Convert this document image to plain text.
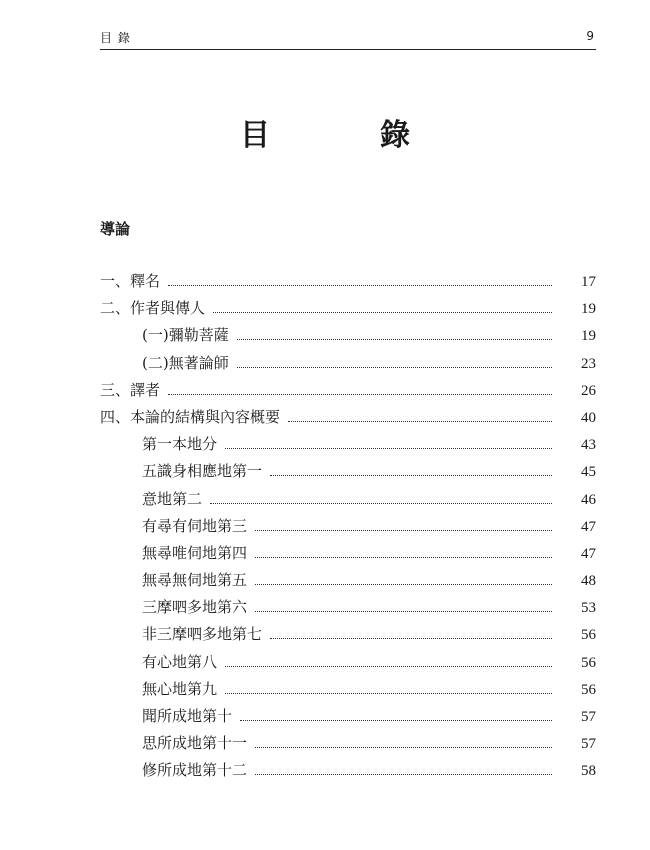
目 錄	9
目　錄
導論
一、釋名	17
二、作者與傳人	19
(一)彌勒菩薩	19
(二)無著論師	23
三、譯者	26
四、本論的結構與內容概要	40
第一本地分	43
五識身相應地第一	45
意地第二	46
有尋有伺地第三	47
無尋唯伺地第四	47
無尋無伺地第五	48
三摩呬多地第六	53
非三摩呬多地第七	56
有心地第八	56
無心地第九	56
聞所成地第十	57
思所成地第十一	57
修所成地第十二	58
